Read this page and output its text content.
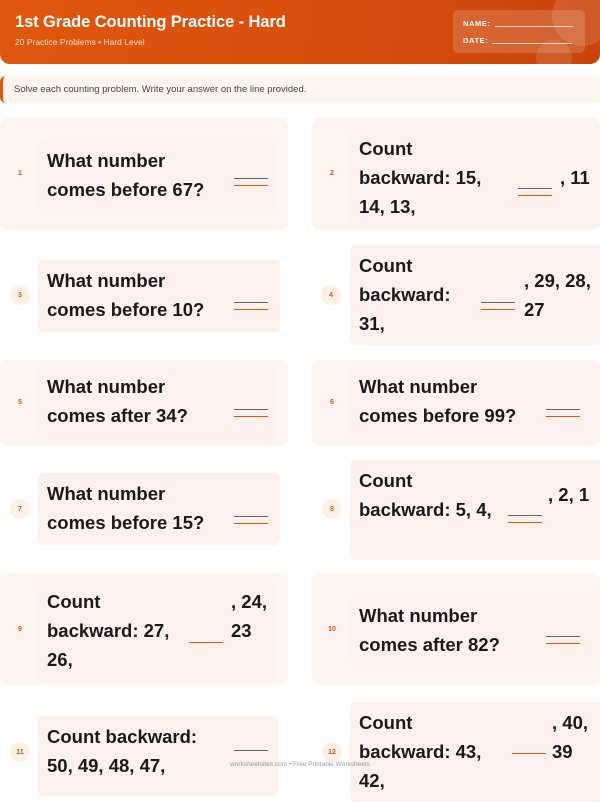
1st Grade Counting Practice - Hard
20 Practice Problems • Hard Level
NAME:
DATE:
Solve each counting problem. Write your answer on the line provided.
1
What number comes before 67?
2
Count backward: 15, 14, 13,
, 11
3
What number comes before 10?
4
Count backward: 31,
, 29, 28, 27
5
What number comes after 34?
6
What number comes before 99?
7
What number comes before 15?
8
Count backward: 5, 4,
, 2, 1
9
Count backward: 27, 26,
, 24, 23	10
What number comes after 82?
11
Count backward: 50, 49, 48, 47,
12
Count backward: 43, 42,
, 40, 39
worksheetsites.com • Free Printable Worksheets
